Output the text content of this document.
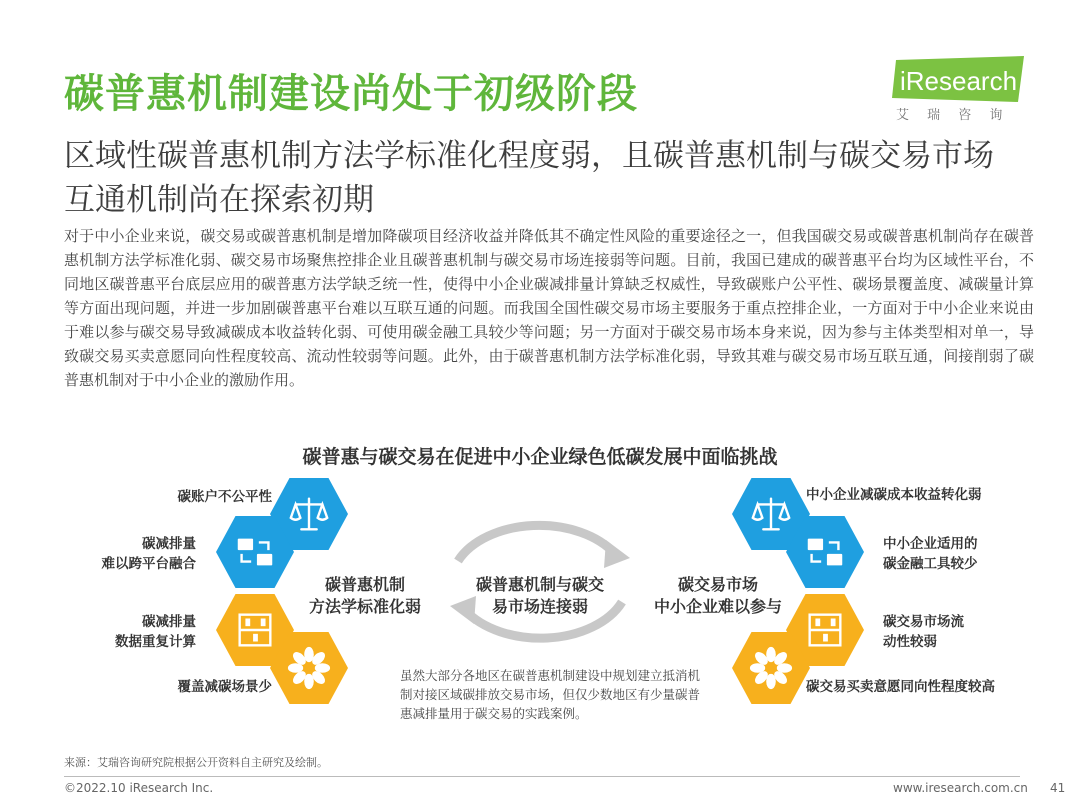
碳普惠机制建设尚处于初级阶段
区域性碳普惠机制方法学标准化程度弱，且碳普惠机制与碳交易市场互通机制尚在探索初期
iResearch
艾 瑞 咨 询
对于中小企业来说，碳交易或碳普惠机制是增加降碳项目经济收益并降低其不确定性风险的重要途径之一，但我国碳交易或碳普惠机制尚存在碳普惠机制方法学标准化弱、碳交易市场聚焦控排企业且碳普惠机制与碳交易市场连接弱等问题。目前，我国已建成的碳普惠平台均为区域性平台，不同地区碳普惠平台底层应用的碳普惠方法学缺乏统一性，使得中小企业碳减排量计算缺乏权威性，导致碳账户公平性、碳场景覆盖度、减碳量计算等方面出现问题，并进一步加剧碳普惠平台难以互联互通的问题。而我国全国性碳交易市场主要服务于重点控排企业，一方面对于中小企业来说由于难以参与碳交易导致减碳成本收益转化弱、可使用碳金融工具较少等问题；另一方面对于碳交易市场本身来说，因为参与主体类型相对单一，导致碳交易买卖意愿同向性程度较高、流动性较弱等问题。此外，由于碳普惠机制方法学标准化弱，导致其难与碳交易市场互联互通，间接削弱了碳普惠机制对于中小企业的激励作用。
碳普惠与碳交易在促进中小企业绿色低碳发展中面临挑战
碳账户不公平性
碳减排量
难以跨平台融合
碳减排量
数据重复计算
覆盖减碳场景少
中小企业减碳成本收益转化弱
中小企业适用的
碳金融工具较少
碳交易市场流
动性较弱
碳交易买卖意愿同向性程度较高
碳普惠机制
方法学标准化弱
碳交易市场
中小企业难以参与
碳普惠机制与碳交
易市场连接弱
虽然大部分各地区在碳普惠机制建设中规划建立抵消机制对接区域碳排放交易市场，但仅少数地区有少量碳普惠减排量用于碳交易的实践案例。
来源：艾瑞咨询研究院根据公开资料自主研究及绘制。
©2022.10 iResearch Inc.	www.iresearch.com.cn 41
